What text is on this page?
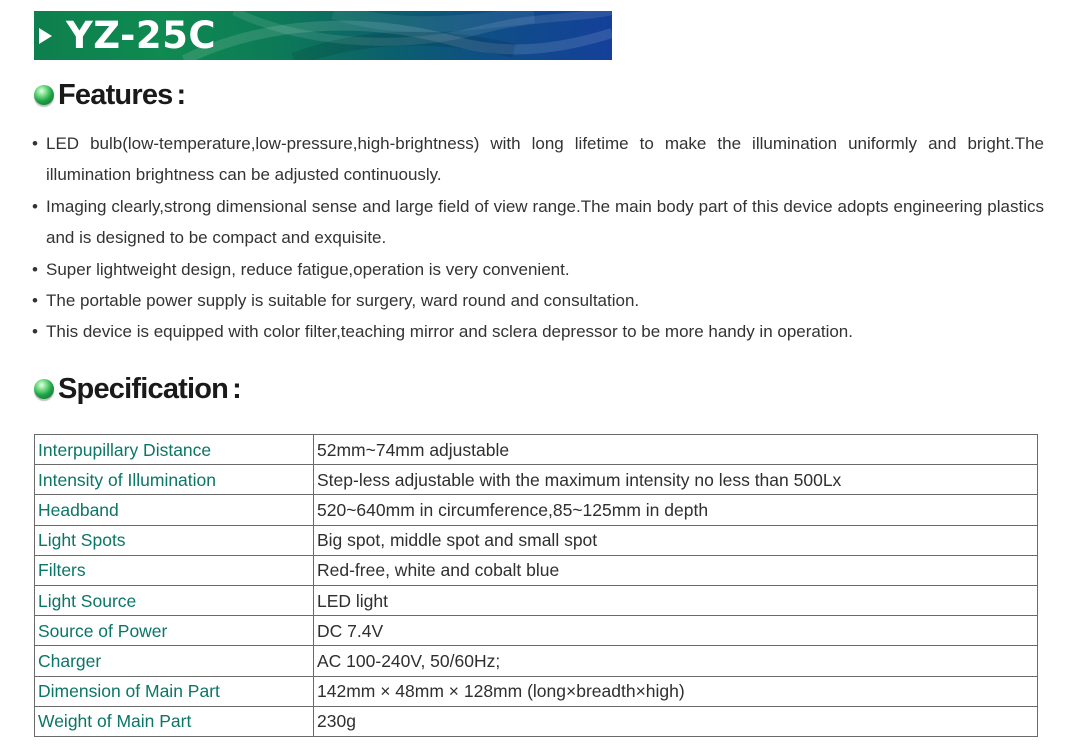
YZ-25C
Features :
• LED bulb(low-temperature,low-pressure,high-brightness) with long lifetime to make the illumination uniformly and bright.The illumination brightness can be adjusted continuously.
• Imaging clearly,strong dimensional sense and large field of view range.The main body part of this device adopts engineering plastics and is designed to be compact and exquisite.
• Super lightweight design, reduce fatigue,operation is very convenient.
• The portable power supply is suitable for surgery, ward round and consultation.
• This device is equipped with color filter,teaching mirror and sclera depressor to be more handy in operation.
Specification :
Interpupillary Distance	52mm~74mm adjustable
Intensity of Illumination	Step-less adjustable with the maximum intensity no less than 500Lx
Headband	520~640mm in circumference,85~125mm in depth
Light Spots	Big spot, middle spot and small spot
Filters	Red-free, white and cobalt blue
Light Source	LED light
Source of Power	DC 7.4V
Charger	AC 100-240V, 50/60Hz;
Dimension of Main Part	142mm × 48mm × 128mm (long×breadth×high)
Weight of Main Part	230g
